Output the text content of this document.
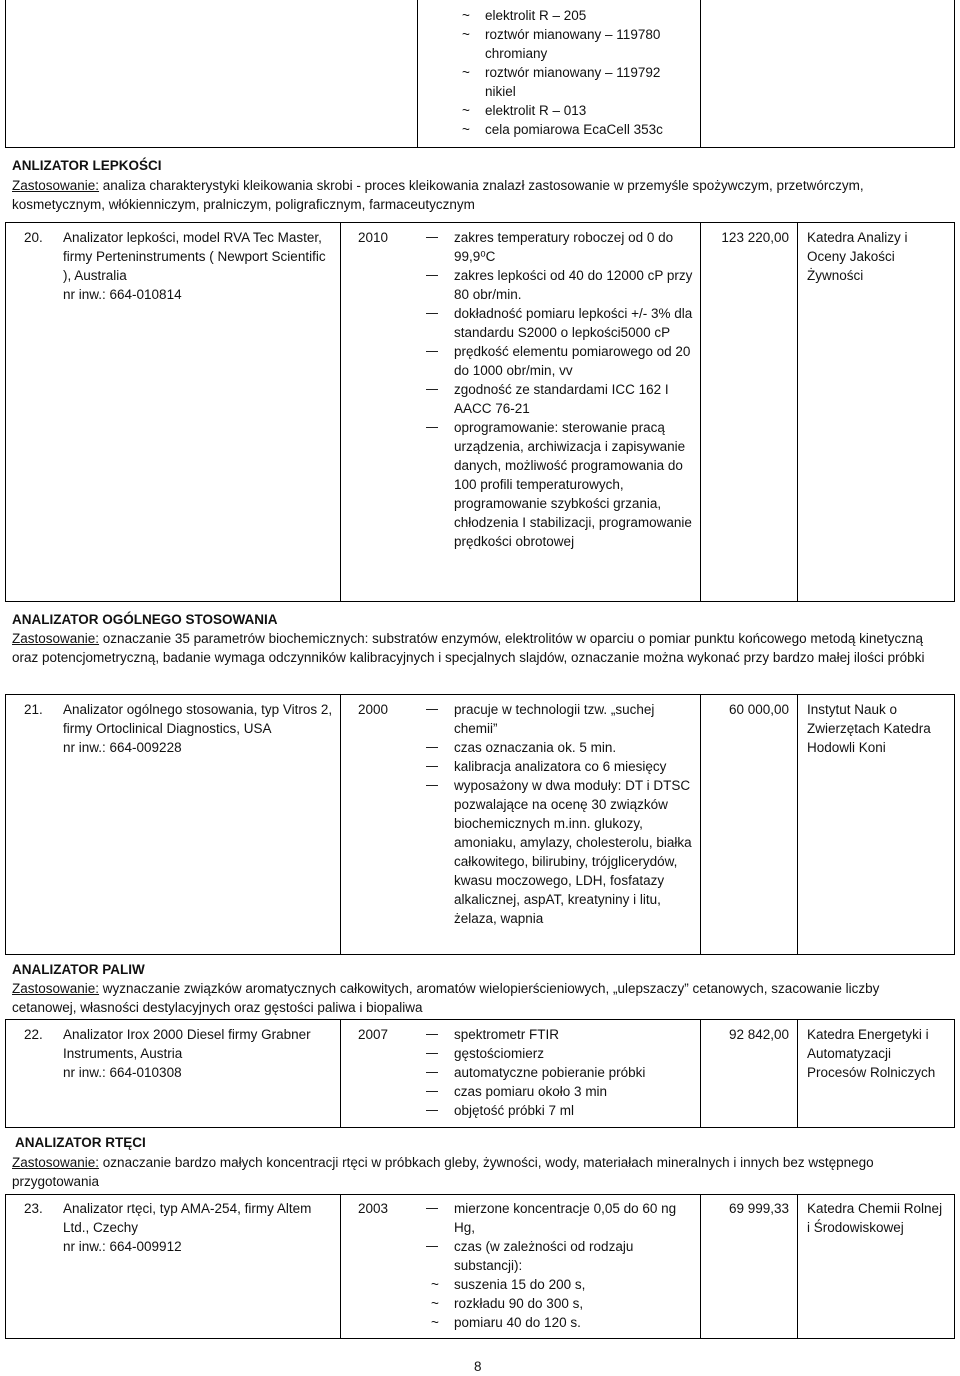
~	elektrolit R – 205
~	roztwór mianowany – 119780
chromiany
~	roztwór mianowany – 119792
nikiel
~	elektrolit R – 013
~	cela pomiarowa EcaCell 353c
ANLIZATOR LEPKOŚCI
Zastosowanie: analiza charakterystyki kleikowania skrobi - proces kleikowania znalazł zastosowanie w przemyśle spożywczym, przetwórczym, kosmetycznym, włókienniczym, pralniczym, poligraficznym, farmaceutycznym
20. Analizator lepkości, model RVA Tec Master, firmy Perteninstruments ( Newport Scientific ), Australia
nr inw.: 664-010814
2010	zakres temperatury roboczej od 0 do 99,9⁰C
zakres lepkości od 40 do 12000 cP przy 80 obr/min.
dokładność pomiaru lepkości +/- 3% dla standardu S2000 o lepkości5000 cP
prędkość elementu pomiarowego od 20 do 1000 obr/min, vv
zgodność ze standardami ICC 162 I AACC 76-21
oprogramowanie: sterowanie pracą urządzenia, archiwizacja i zapisywanie danych, możliwość programowania do 100 profili temperaturowych, programowanie szybkości grzania, chłodzenia I stabilizacji, programowanie prędkości obrotowej
123 220,00 Katedra Analizy i Oceny Jakości Żywności
ANALIZATOR OGÓLNEGO STOSOWANIA
Zastosowanie: oznaczanie 35 parametrów biochemicznych: substratów enzymów, elektrolitów w oparciu o pomiar punktu końcowego metodą kinetyczną oraz potencjometryczną, badanie wymaga odczynników kalibracyjnych i specjalnych slajdów, oznaczanie można wykonać przy bardzo małej ilości próbki
21. Analizator ogólnego stosowania, typ Vitros 2, firmy Ortoclinical Diagnostics, USA
nr inw.: 664-009228
2000	pracuje w technologii tzw. „suchej chemii”
czas oznaczania ok. 5 min.
kalibracja analizatora co 6 miesięcy
wyposażony w dwa moduły: DT i DTSC pozwalające na ocenę 30 związków biochemicznych m.inn. glukozy, amoniaku, amylazy, cholesterolu, białka całkowitego, bilirubiny, trójglicerydów, kwasu moczowego, LDH, fosfatazy alkalicznej, aspAT, kreatyniny i litu, żelaza, wapnia
60 000,00 Instytut Nauk o Zwierzętach Katedra Hodowli Koni
ANALIZATOR PALIW
Zastosowanie: wyznaczanie związków aromatycznych całkowitych, aromatów wielopierścieniowych, „ulepszaczy” cetanowych, szacowanie liczby cetanowej, własności destylacyjnych oraz gęstości paliwa i biopaliwa
22. Analizator Irox 2000 Diesel firmy Grabner Instruments, Austria
nr inw.: 664-010308
2007	spektrometr FTIR
gęstościomierz
automatyczne pobieranie próbki
czas pomiaru około 3 min
objętość próbki 7 ml
92 842,00 Katedra Energetyki i Automatyzacji Procesów Rolniczych
ANALIZATOR RTĘCI
Zastosowanie: oznaczanie bardzo małych koncentracji rtęci w próbkach gleby, żywności, wody, materiałach mineralnych i innych bez wstępnego przygotowania
23. Analizator rtęci, typ AMA-254, firmy Altem Ltd., Czechy
nr inw.: 664-009912
2003	mierzone koncentracje 0,05 do 60 ng Hg,
czas (w zależności od rodzaju substancji):
~	suszenia 15 do 200 s,
~	rozkładu 90 do 300 s,
~	pomiaru 40 do 120 s.
69 999,33 Katedra Chemii Rolnej i Środowiskowej
8
